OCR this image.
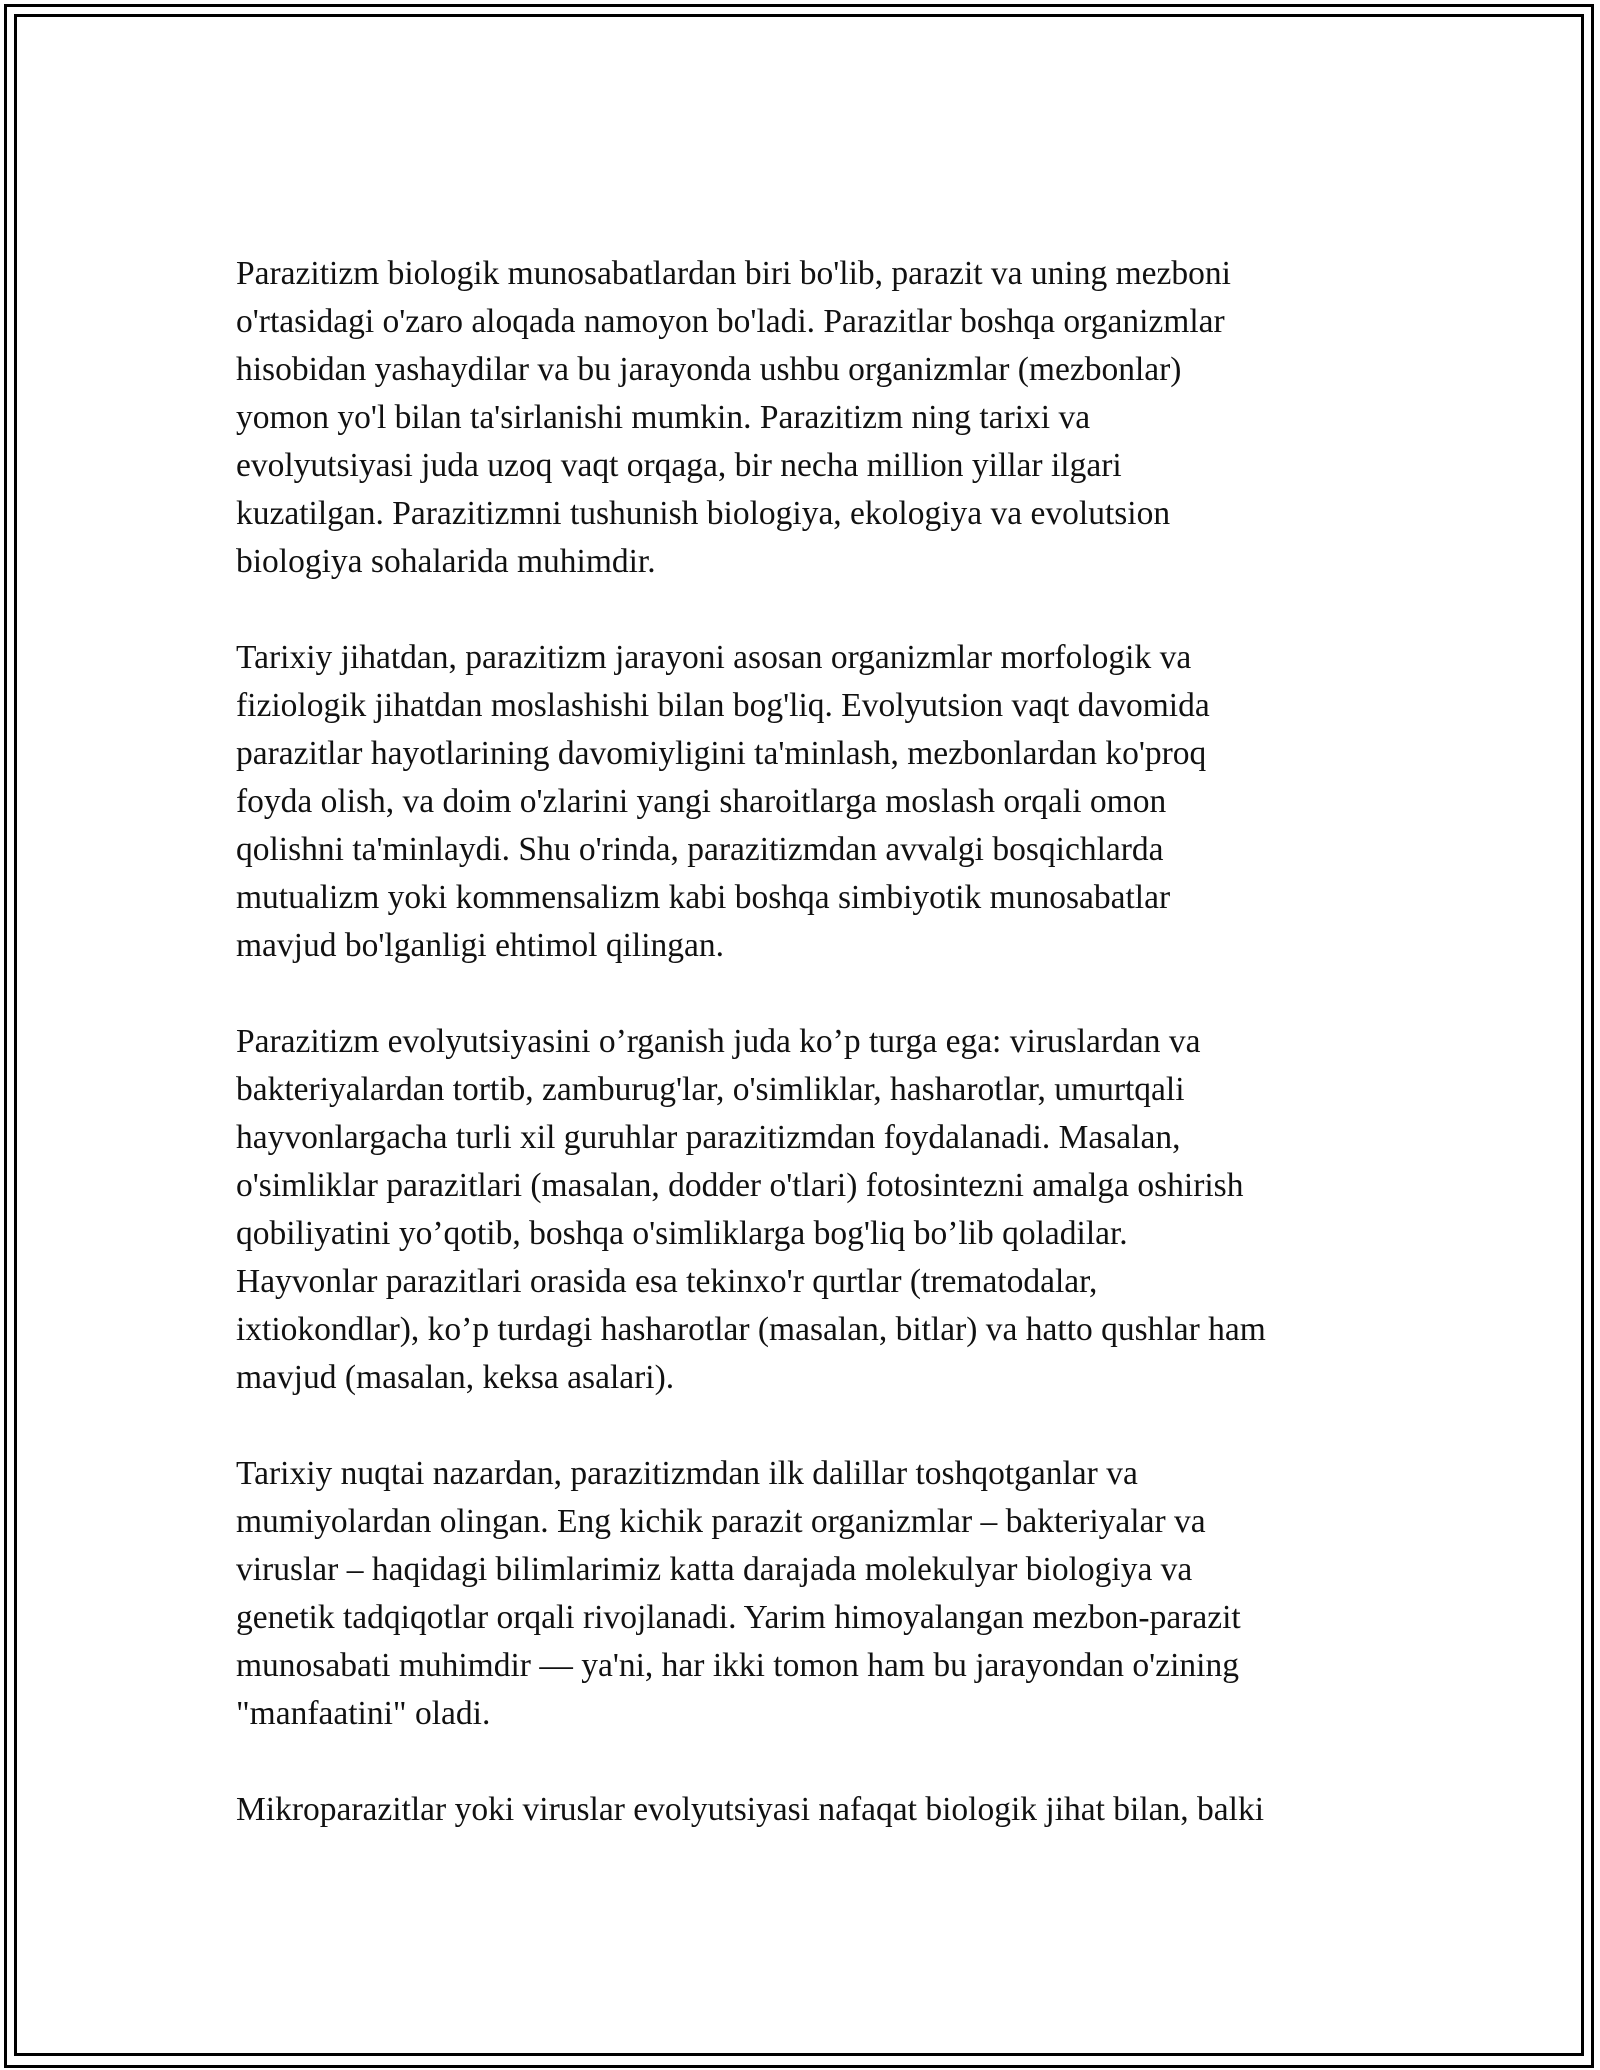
Parazitizm biologik munosabatlardan biri bo'lib, parazit va uning mezboni
o'rtasidagi o'zaro aloqada namoyon bo'ladi. Parazitlar boshqa organizmlar
hisobidan yashaydilar va bu jarayonda ushbu organizmlar (mezbonlar)
yomon yo'l bilan ta'sirlanishi mumkin. Parazitizm ning tarixi va
evolyutsiyasi juda uzoq vaqt orqaga, bir necha million yillar ilgari
kuzatilgan. Parazitizmni tushunish biologiya, ekologiya va evolutsion
biologiya sohalarida muhimdir.

Tarixiy jihatdan, parazitizm jarayoni asosan organizmlar morfologik va
fiziologik jihatdan moslashishi bilan bog'liq. Evolyutsion vaqt davomida
parazitlar hayotlarining davomiyligini ta'minlash, mezbonlardan ko'proq
foyda olish, va doim o'zlarini yangi sharoitlarga moslash orqali omon
qolishni ta'minlaydi. Shu o'rinda, parazitizmdan avvalgi bosqichlarda
mutualizm yoki kommensalizm kabi boshqa simbiyotik munosabatlar
mavjud bo'lganligi ehtimol qilingan.

Parazitizm evolyutsiyasini o’rganish juda ko’p turga ega: viruslardan va
bakteriyalardan tortib, zamburug'lar, o'simliklar, hasharotlar, umurtqali
hayvonlargacha turli xil guruhlar parazitizmdan foydalanadi. Masalan,
o'simliklar parazitlari (masalan, dodder o'tlari) fotosintezni amalga oshirish
qobiliyatini yo’qotib, boshqa o'simliklarga bog'liq bo’lib qoladilar.
Hayvonlar parazitlari orasida esa tekinxo'r qurtlar (trematodalar,
ixtiokondlar), ko’p turdagi hasharotlar (masalan, bitlar) va hatto qushlar ham
mavjud (masalan, keksa asalari).

Tarixiy nuqtai nazardan, parazitizmdan ilk dalillar toshqotganlar va
mumiyolardan olingan. Eng kichik parazit organizmlar – bakteriyalar va
viruslar – haqidagi bilimlarimiz katta darajada molekulyar biologiya va
genetik tadqiqotlar orqali rivojlanadi. Yarim himoyalangan mezbon-parazit
munosabati muhimdir — ya'ni, har ikki tomon ham bu jarayondan o'zining
"manfaatini" oladi.

Mikroparazitlar yoki viruslar evolyutsiyasi nafaqat biologik jihat bilan, balki
